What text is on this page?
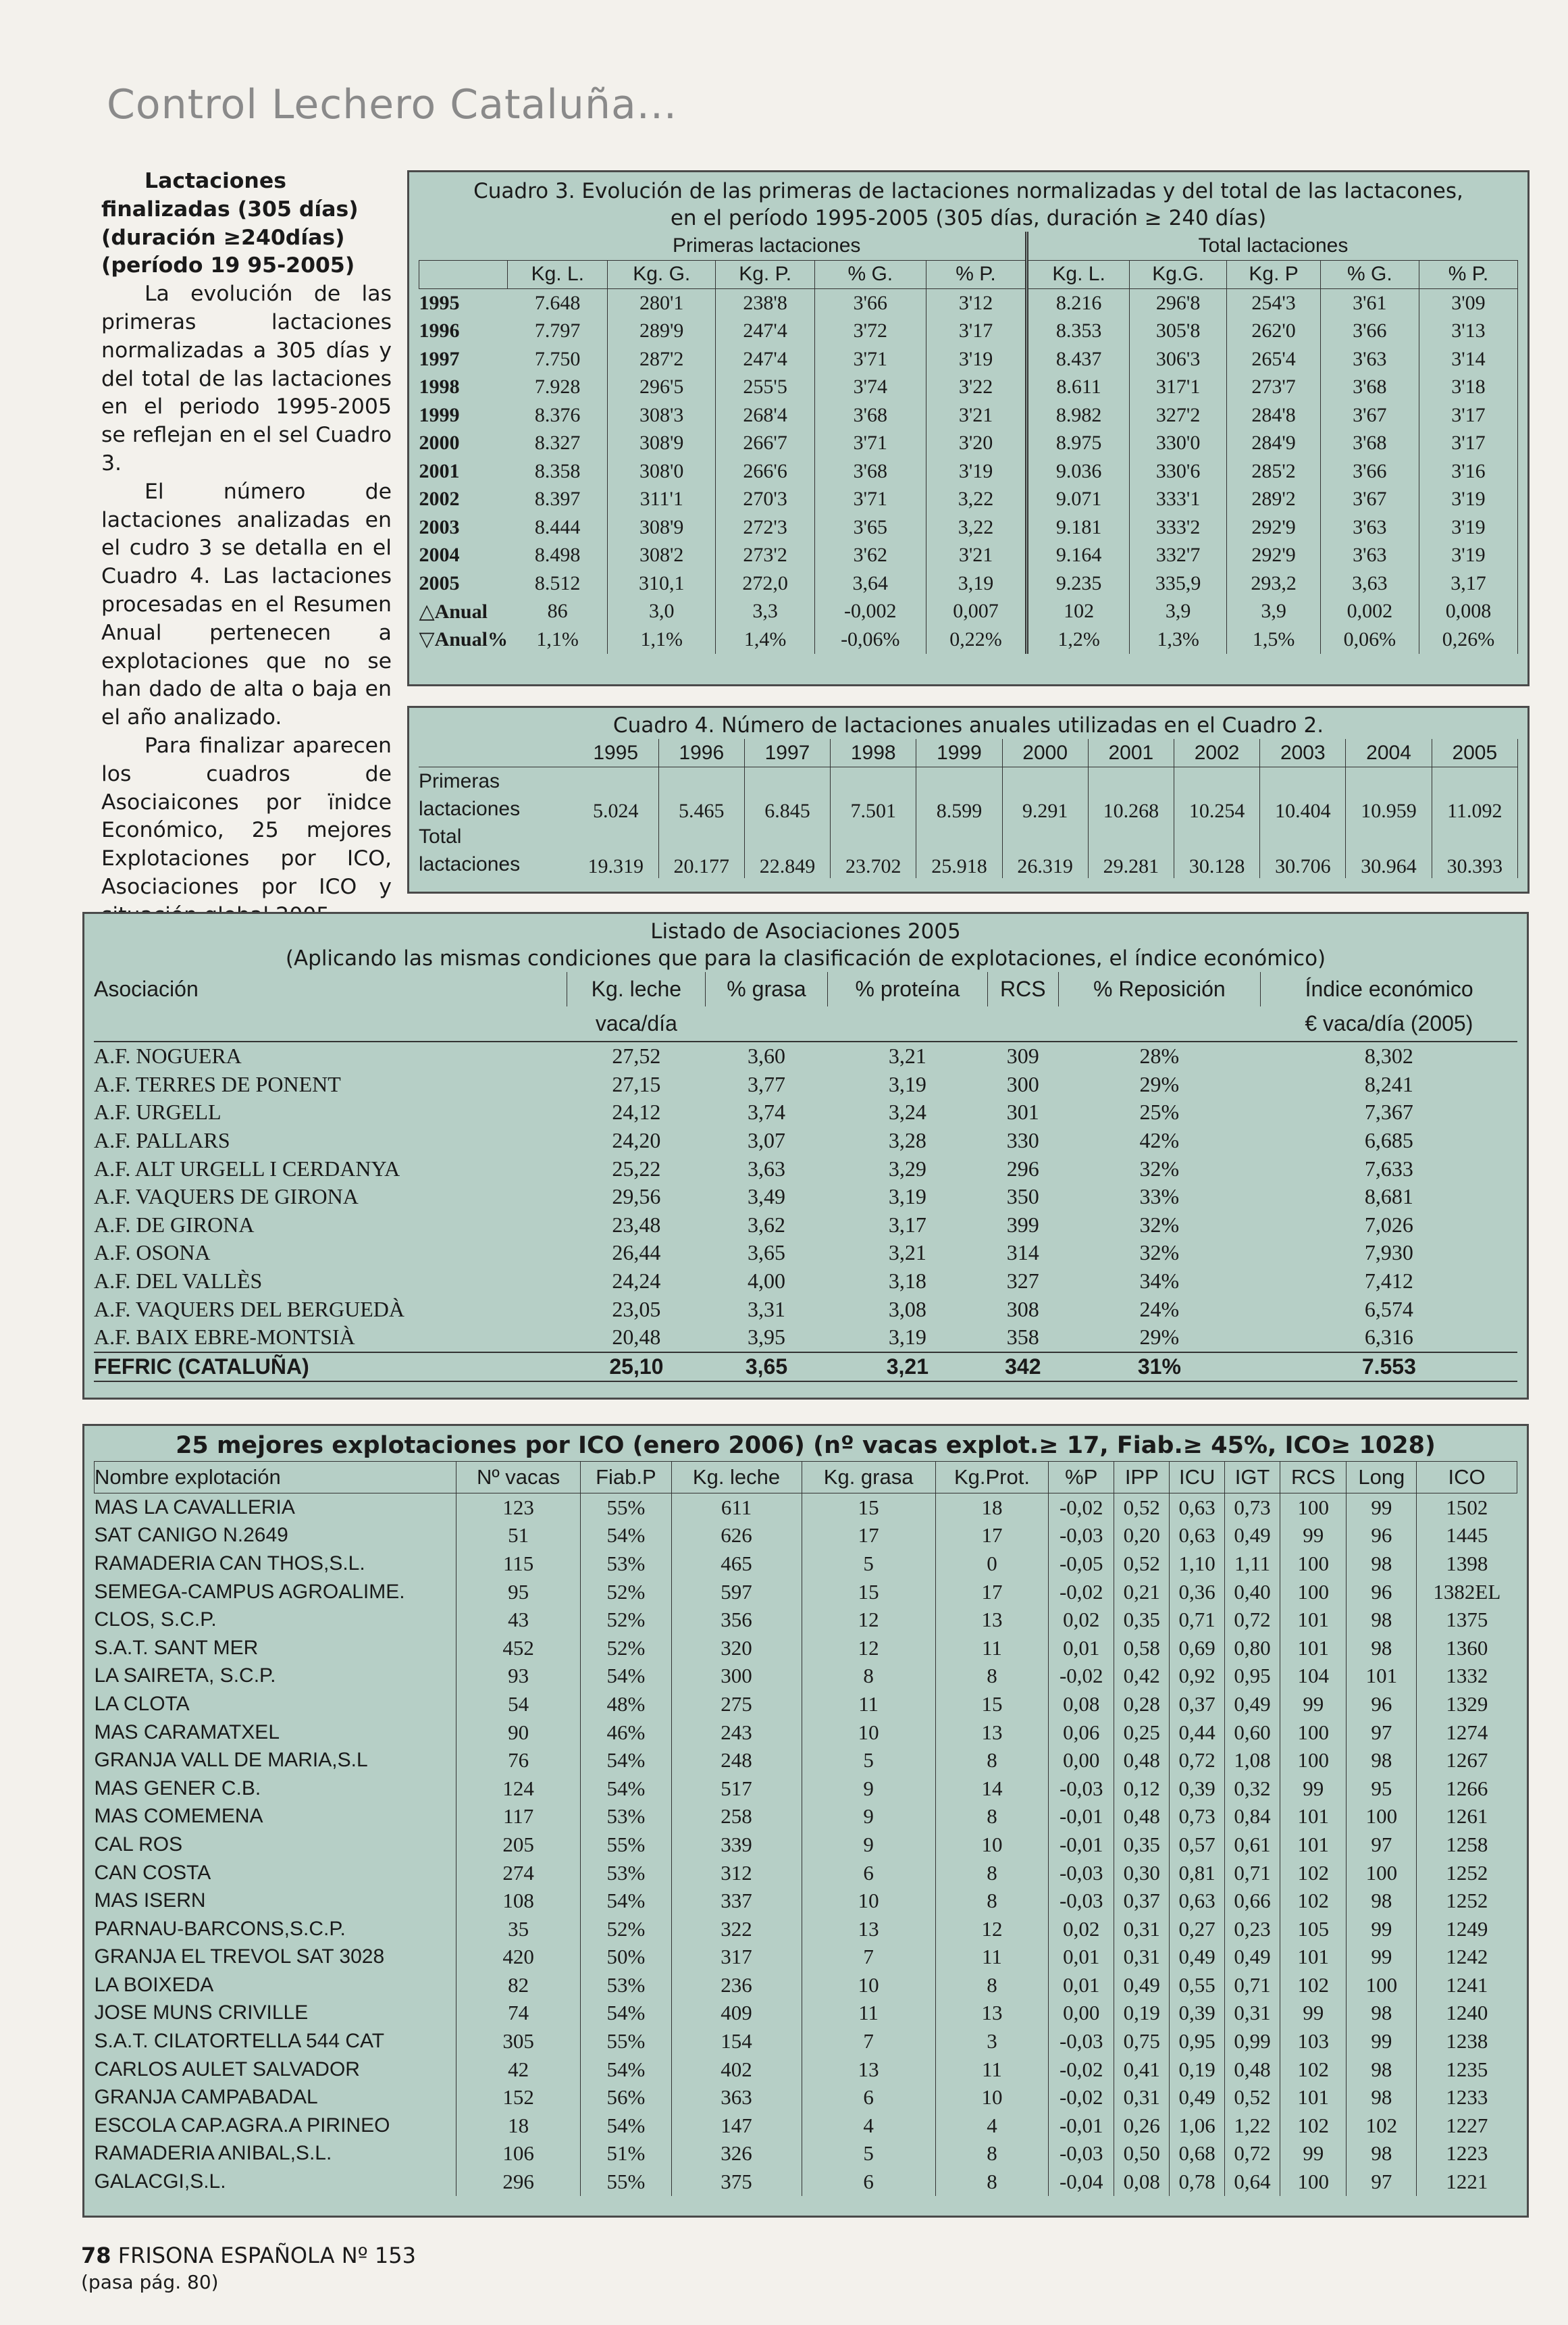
Control Lechero Cataluña...
Lactaciones finalizadas (305 días) (duración ≥240días) (período 19 95-2005)
La evolución de las primeras lactaciones normalizadas a 305 días y del total de las lactaciones en el periodo 1995-2005 se reflejan en el sel Cuadro 3.
El número de lactaciones analizadas en el cudro 3 se detalla en el Cuadro 4. Las lactaciones procesadas en el Resumen Anual pertenecen a explotaciones que no se han dado de alta o baja en el año analizado.
Para finalizar aparecen los cuadros de Asociaicones por ïnidce Económico, 25 mejores Explotaciones por ICO, Asociaciones por ICO y
Cuadro 3. Evolución de las primeras de lactaciones normalizadas y del total de las lactacones,
en el período 1995-2005 (305 días, duración ≥ 240 días)
	Primeras lactaciones					Total lactaciones				
	Kg. L.	Kg. G.	Kg. P.	% G.	% P.	Kg. L.	Kg.G.	Kg. P	% G.	% P.
1995	7.648	280'1	238'8	3'66	3'12	8.216	296'8	254'3	3'61	3'09
1996	7.797	289'9	247'4	3'72	3'17	8.353	305'8	262'0	3'66	3'13
1997	7.750	287'2	247'4	3'71	3'19	8.437	306'3	265'4	3'63	3'14
1998	7.928	296'5	255'5	3'74	3'22	8.611	317'1	273'7	3'68	3'18
1999	8.376	308'3	268'4	3'68	3'21	8.982	327'2	284'8	3'67	3'17
2000	8.327	308'9	266'7	3'71	3'20	8.975	330'0	284'9	3'68	3'17
2001	8.358	308'0	266'6	3'68	3'19	9.036	330'6	285'2	3'66	3'16
2002	8.397	311'1	270'3	3'71	3,22	9.071	333'1	289'2	3'67	3'19
2003	8.444	308'9	272'3	3'65	3,22	9.181	333'2	292'9	3'63	3'19
2004	8.498	308'2	273'2	3'62	3'21	9.164	332'7	292'9	3'63	3'19
2005	8.512	310,1	272,0	3,64	3,19	9.235	335,9	293,2	3,63	3,17
△Anual	86	3,0	3,3	-0,002	0,007	102	3,9	3,9	0,002	0,008
▽Anual%	1,1%	1,1%	1,4%	-0,06%	0,22%	1,2%	1,3%	1,5%	0,06%	0,26%
Cuadro 4. Número de lactaciones anuales utilizadas en el Cuadro 2.
	1995	1996	1997	1998	1999	2000	2001	2002	2003	2004	2005
Primeras	5.024	5.465	6.845	7.501	8.599	9.291	10.268	10.254	10.404	10.959	11.092
lactaciones											
Total	19.319	20.177	22.849	23.702	25.918	26.319	29.281	30.128	30.706	30.964	30.393
lactaciones											
Listado de Asociaciones 2005
(Aplicando las mismas condiciones que para la clasificación de explotaciones, el índice económico)
Asociación	Kg. leche	% grasa	% proteína	RCS	% Reposición	Índice económico
	vaca/día					€ vaca/día (2005)
A.F. NOGUERA	27,52	3,60	3,21	309	28%	8,302
A.F. TERRES DE PONENT	27,15	3,77	3,19	300	29%	8,241
A.F. URGELL	24,12	3,74	3,24	301	25%	7,367
A.F. PALLARS	24,20	3,07	3,28	330	42%	6,685
A.F. ALT URGELL I CERDANYA	25,22	3,63	3,29	296	32%	7,633
A.F. VAQUERS DE GIRONA	29,56	3,49	3,19	350	33%	8,681
A.F. DE GIRONA	23,48	3,62	3,17	399	32%	7,026
A.F. OSONA	26,44	3,65	3,21	314	32%	7,930
A.F. DEL VALLÈS	24,24	4,00	3,18	327	34%	7,412
A.F. VAQUERS DEL BERGUEDÀ	23,05	3,31	3,08	308	24%	6,574
A.F. BAIX EBRE-MONTSIÀ	20,48	3,95	3,19	358	29%	6,316
FEFRIC (CATALUÑA)	25,10	3,65	3,21	342	31%	7.553
25 mejores explotaciones por ICO (enero 2006) (nº vacas explot.≥ 17, Fiab.≥ 45%, ICO≥ 1028)
Nombre explotación	Nº vacas	Fiab.P	Kg. leche	Kg. grasa	Kg.Prot.	%P	IPP	ICU	IGT	RCS	Long	ICO
MAS LA CAVALLERIA	123	55%	611	15	18	-0,02	0,52	0,63	0,73	100	99	1502
SAT CANIGO N.2649	51	54%	626	17	17	-0,03	0,20	0,63	0,49	99	96	1445
RAMADERIA CAN THOS,S.L.	115	53%	465	5	0	-0,05	0,52	1,10	1,11	100	98	1398
SEMEGA-CAMPUS AGROALIME.	95	52%	597	15	17	-0,02	0,21	0,36	0,40	100	96	1382EL
CLOS, S.C.P.	43	52%	356	12	13	0,02	0,35	0,71	0,72	101	98	1375
S.A.T. SANT MER	452	52%	320	12	11	0,01	0,58	0,69	0,80	101	98	1360
LA SAIRETA, S.C.P.	93	54%	300	8	8	-0,02	0,42	0,92	0,95	104	101	1332
LA CLOTA	54	48%	275	11	15	0,08	0,28	0,37	0,49	99	96	1329
MAS CARAMATXEL	90	46%	243	10	13	0,06	0,25	0,44	0,60	100	97	1274
GRANJA VALL DE MARIA,S.L	76	54%	248	5	8	0,00	0,48	0,72	1,08	100	98	1267
MAS GENER C.B.	124	54%	517	9	14	-0,03	0,12	0,39	0,32	99	95	1266
MAS COMEMENA	117	53%	258	9	8	-0,01	0,48	0,73	0,84	101	100	1261
CAL ROS	205	55%	339	9	10	-0,01	0,35	0,57	0,61	101	97	1258
CAN COSTA	274	53%	312	6	8	-0,03	0,30	0,81	0,71	102	100	1252
MAS ISERN	108	54%	337	10	8	-0,03	0,37	0,63	0,66	102	98	1252
PARNAU-BARCONS,S.C.P.	35	52%	322	13	12	0,02	0,31	0,27	0,23	105	99	1249
GRANJA EL TREVOL SAT 3028	420	50%	317	7	11	0,01	0,31	0,49	0,49	101	99	1242
LA BOIXEDA	82	53%	236	10	8	0,01	0,49	0,55	0,71	102	100	1241
JOSE MUNS CRIVILLE	74	54%	409	11	13	0,00	0,19	0,39	0,31	99	98	1240
S.A.T. CILATORTELLA 544 CAT	305	55%	154	7	3	-0,03	0,75	0,95	0,99	103	99	1238
CARLOS AULET SALVADOR	42	54%	402	13	11	-0,02	0,41	0,19	0,48	102	98	1235
GRANJA CAMPABADAL	152	56%	363	6	10	-0,02	0,31	0,49	0,52	101	98	1233
ESCOLA CAP.AGRA.A PIRINEO	18	54%	147	4	4	-0,01	0,26	1,06	1,22	102	102	1227
RAMADERIA ANIBAL,S.L.	106	51%	326	5	8	-0,03	0,50	0,68	0,72	99	98	1223
GALACGI,S.L.	296	55%	375	6	8	-0,04	0,08	0,78	0,64	100	97	1221
78 FRISONA ESPAÑOLA Nº 153
(pasa pág. 80)
